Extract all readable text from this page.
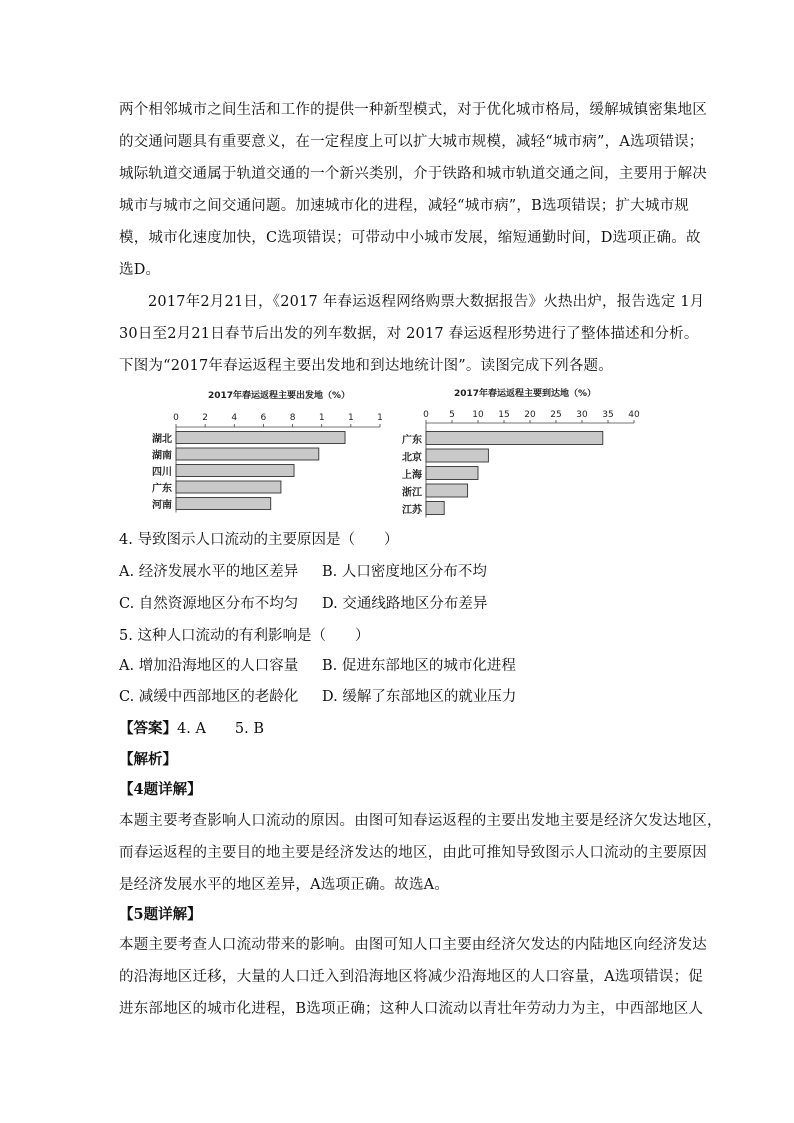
两个相邻城市之间生活和工作的提供一种新型模式，对于优化城市格局，缓解城镇密集地区
的交通问题具有重要意义，在一定程度上可以扩大城市规模，减轻“城市病”，A选项错误；
城际轨道交通属于轨道交通的一个新兴类别，介于铁路和城市轨道交通之间，主要用于解决
城市与城市之间交通问题。加速城市化的进程，减轻“城市病”，B选项错误；扩大城市规
模，城市化速度加快，C选项错误；可带动中小城市发展，缩短通勤时间，D选项正确。故
选D。
2017年2月21日，《2017 年春运返程网络购票大数据报告》火热出炉，报告选定 1月
30日至2月21日春节后出发的列车数据，对 2017 春运返程形势进行了整体描述和分析。
下图为“2017年春运返程主要出发地和到达地统计图”。读图完成下列各题。
2017年春运返程主要出发地（%）
0	2	4	6	8	1	1	1
湖北
湖南
四川
广东
河南
2017年春运返程主要到达地（%）
0 5 10 15 20 25 30 35 40
广东
北京
上海
浙江
江苏

4. 导致图示人口流动的主要原因是（　　）

A. 经济发展水平的地区差异 B. 人口密度地区分布不均

C. 自然资源地区分布不均匀 D. 交通线路地区分布差异

5. 这种人口流动的有利影响是（　　）

A. 增加沿海地区的人口容量 B. 促进东部地区的城市化进程

C. 减缓中西部地区的老龄化 D. 缓解了东部地区的就业压力

【答案】4. A　　5. B

【解析】

【4题详解】

本题主要考查影响人口流动的原因。由图可知春运返程的主要出发地主要是经济欠发达地区，
而春运返程的主要目的地主要是经济发达的地区，由此可推知导致图示人口流动的主要原因
是经济发展水平的地区差异，A选项正确。故选A。

【5题详解】

本题主要考查人口流动带来的影响。由图可知人口主要由经济欠发达的内陆地区向经济发达
的沿海地区迁移，大量的人口迁入到沿海地区将减少沿海地区的人口容量，A选项错误；促
进东部地区的城市化进程，B选项正确；这种人口流动以青壮年劳动力为主，中西部地区人
